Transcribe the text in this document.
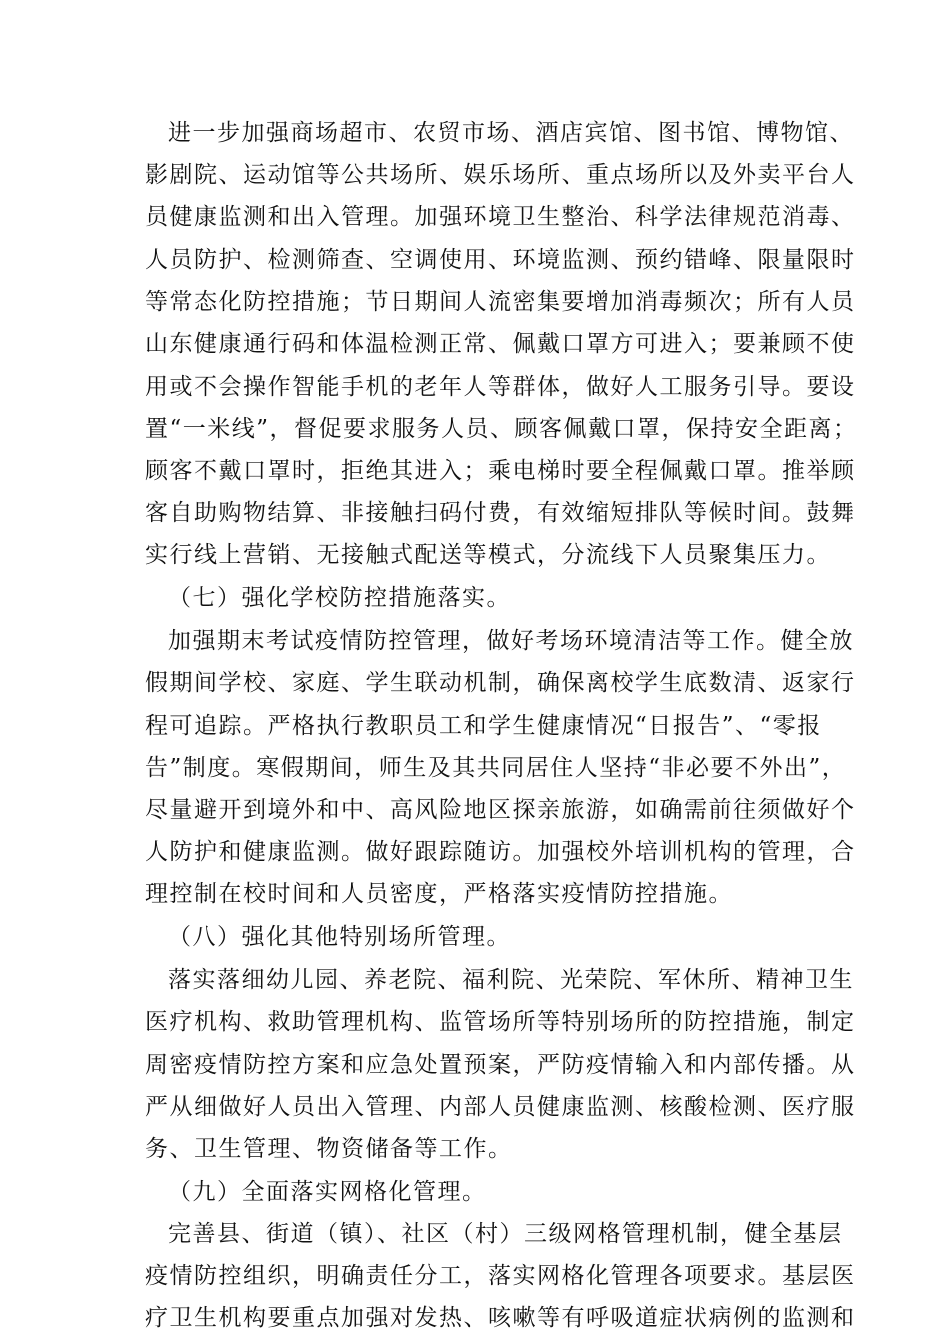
进一步加强商场超市、农贸市场、酒店宾馆、图书馆、博物馆、
影剧院、运动馆等公共场所、娱乐场所、重点场所以及外卖平台人
员健康监测和出入管理。加强环境卫生整治、科学法律规范消毒、
人员防护、检测筛查、空调使用、环境监测、预约错峰、限量限时
等常态化防控措施；节日期间人流密集要增加消毒频次；所有人员
山东健康通行码和体温检测正常、佩戴口罩方可进入；要兼顾不使
用或不会操作智能手机的老年人等群体，做好人工服务引导。要设
置“一米线”，督促要求服务人员、顾客佩戴口罩，保持安全距离；
顾客不戴口罩时，拒绝其进入；乘电梯时要全程佩戴口罩。推举顾
客自助购物结算、非接触扫码付费，有效缩短排队等候时间。鼓舞
实行线上营销、无接触式配送等模式，分流线下人员聚集压力。
（七）强化学校防控措施落实。
加强期末考试疫情防控管理，做好考场环境清洁等工作。健全放
假期间学校、家庭、学生联动机制，确保离校学生底数清、返家行
程可追踪。严格执行教职员工和学生健康情况“日报告”、“零报
告”制度。寒假期间，师生及其共同居住人坚持“非必要不外出”，
尽量避开到境外和中、高风险地区探亲旅游，如确需前往须做好个
人防护和健康监测。做好跟踪随访。加强校外培训机构的管理，合
理控制在校时间和人员密度，严格落实疫情防控措施。
（八）强化其他特别场所管理。
落实落细幼儿园、养老院、福利院、光荣院、军休所、精神卫生
医疗机构、救助管理机构、监管场所等特别场所的防控措施，制定
周密疫情防控方案和应急处置预案，严防疫情输入和内部传播。从
严从细做好人员出入管理、内部人员健康监测、核酸检测、医疗服
务、卫生管理、物资储备等工作。
（九）全面落实网格化管理。
完善县、街道（镇）、社区（村）三级网格管理机制，健全基层
疫情防控组织，明确责任分工，落实网格化管理各项要求。基层医
疗卫生机构要重点加强对发热、咳嗽等有呼吸道症状病例的监测和
